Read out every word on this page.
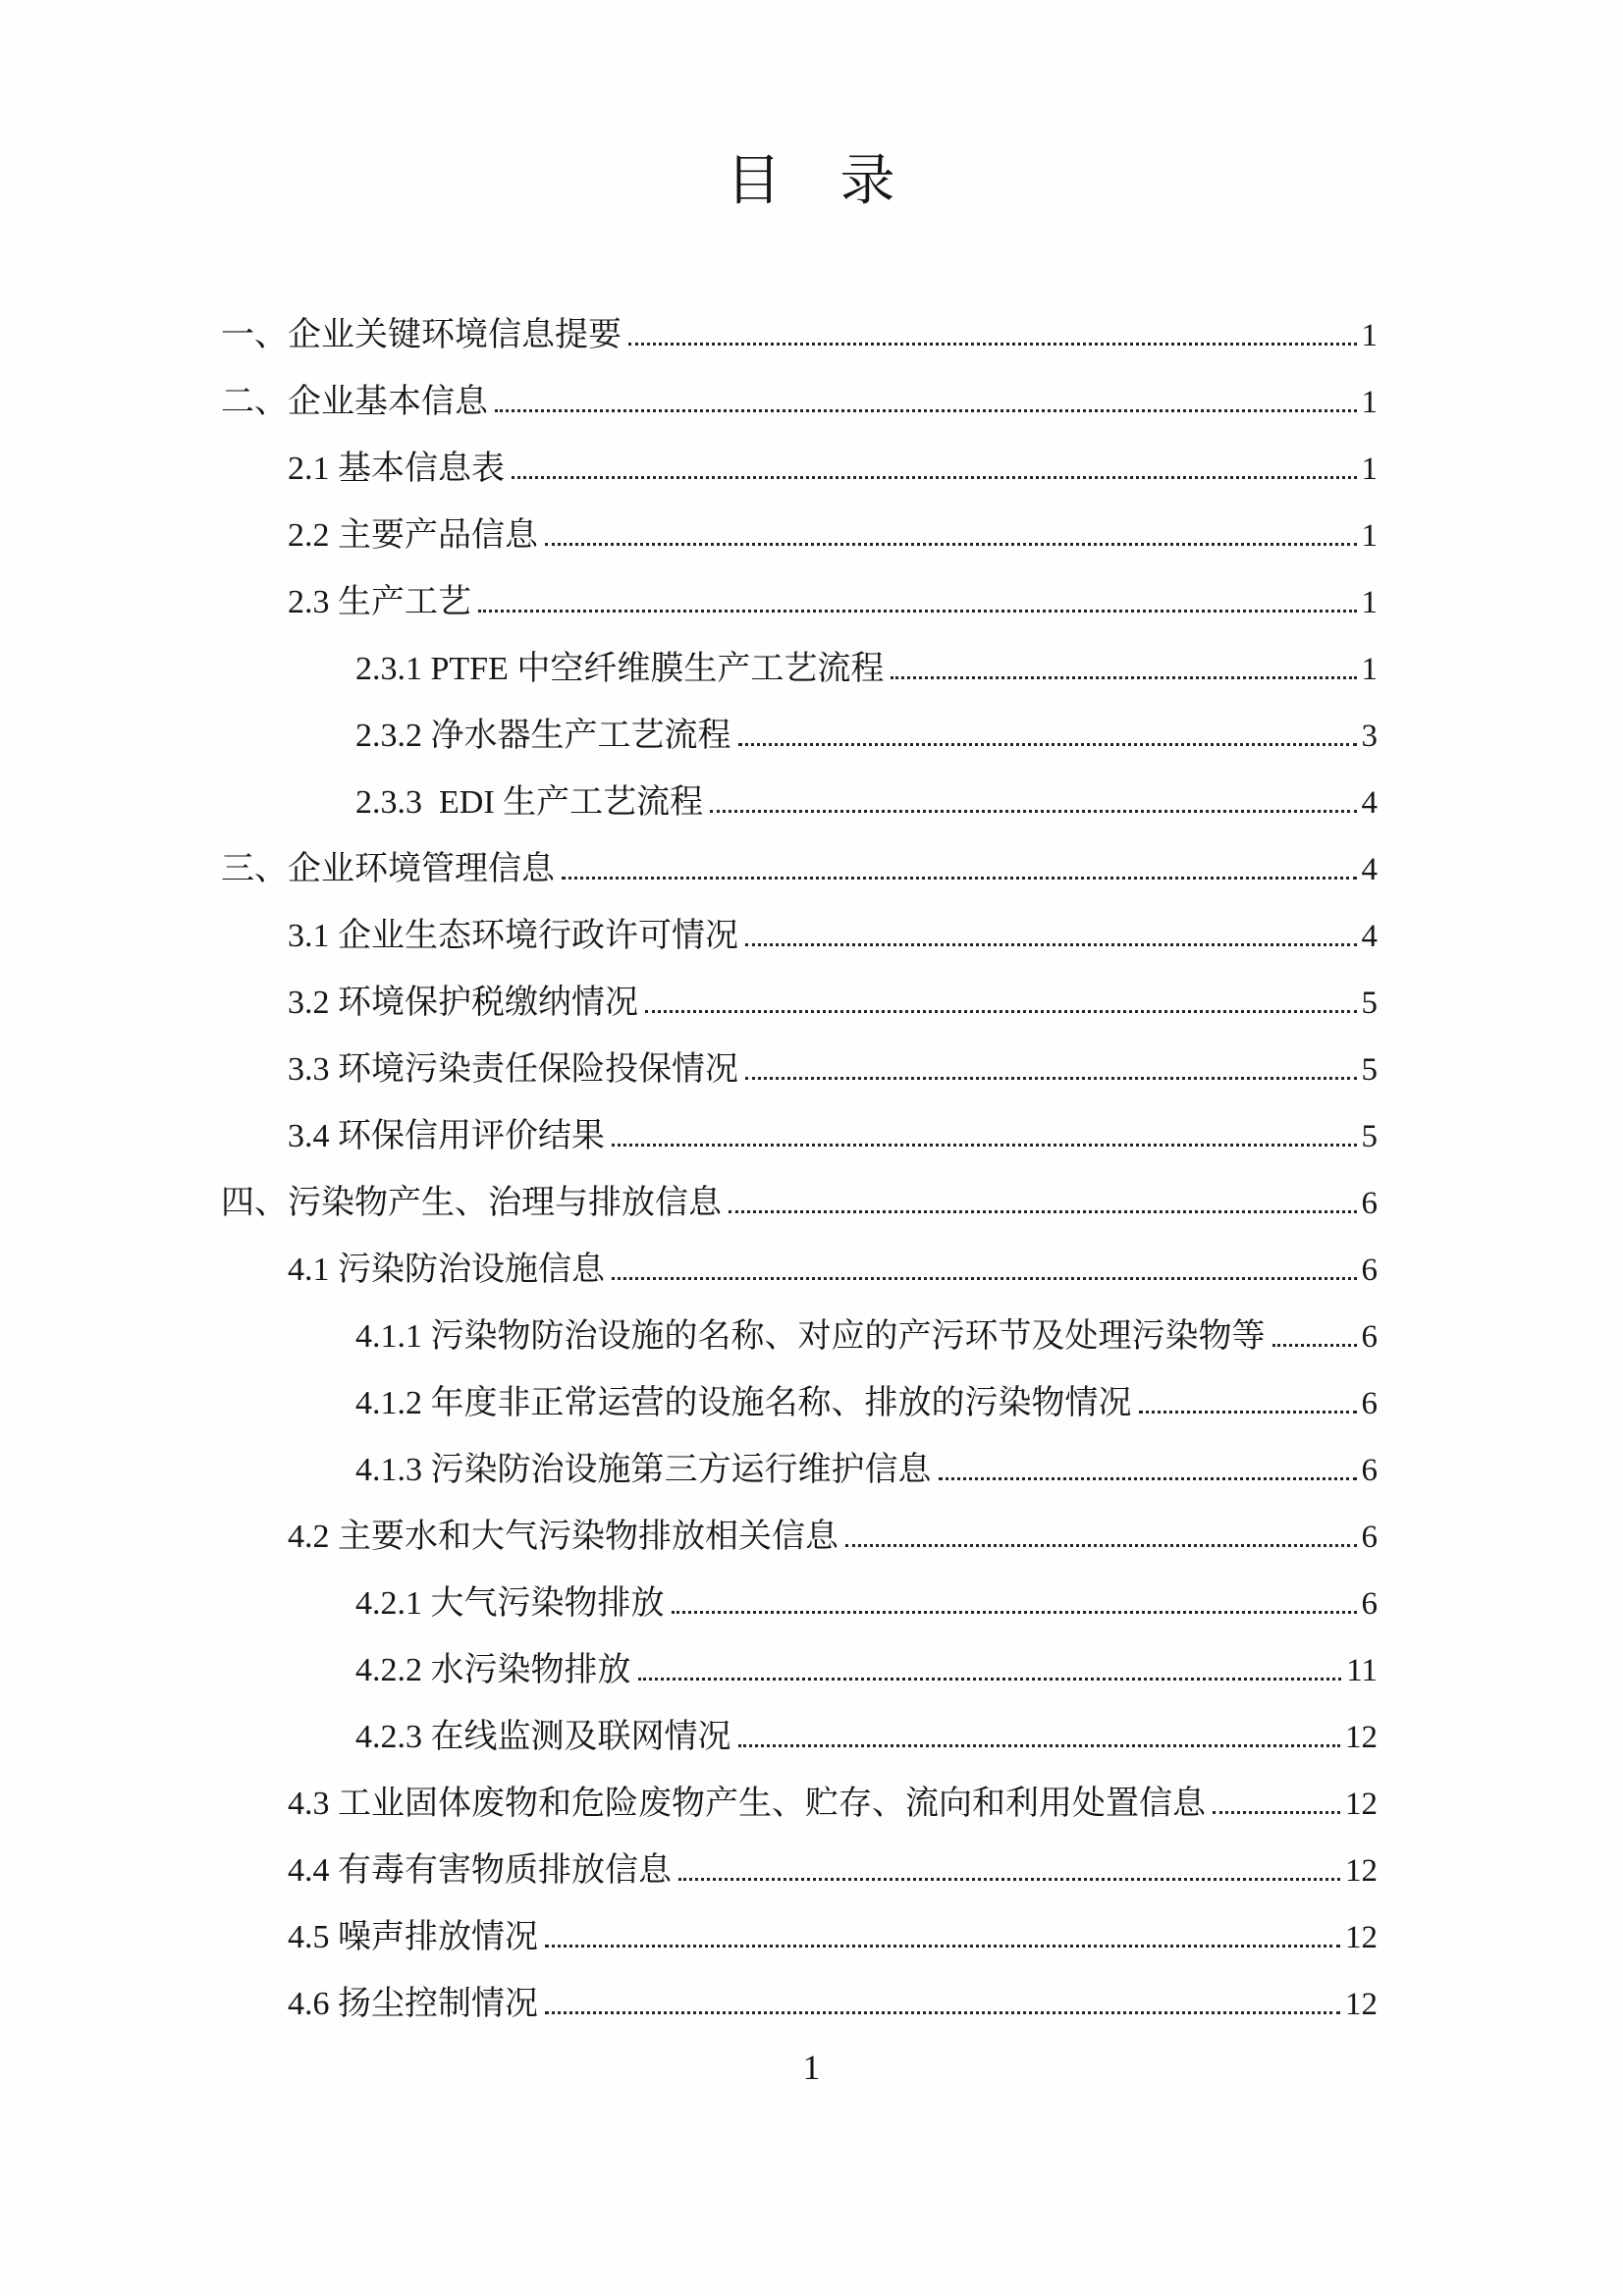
目　录
一、企业关键环境信息提要	1
二、企业基本信息	1
2.1 基本信息表	1
2.2 主要产品信息	1
2.3 生产工艺	1
2.3.1 PTFE 中空纤维膜生产工艺流程	1
2.3.2 净水器生产工艺流程	3
2.3.3  EDI 生产工艺流程	4
三、企业环境管理信息	4
3.1 企业生态环境行政许可情况	4
3.2 环境保护税缴纳情况	5
3.3 环境污染责任保险投保情况	5
3.4 环保信用评价结果	5
四、污染物产生、治理与排放信息	6
4.1 污染防治设施信息	6
4.1.1 污染物防治设施的名称、对应的产污环节及处理污染物等	6
4.1.2 年度非正常运营的设施名称、排放的污染物情况	6
4.1.3 污染防治设施第三方运行维护信息	6
4.2 主要水和大气污染物排放相关信息	6
4.2.1 大气污染物排放	6
4.2.2 水污染物排放	11
4.2.3 在线监测及联网情况	12
4.3 工业固体废物和危险废物产生、贮存、流向和利用处置信息	12
4.4 有毒有害物质排放信息	12
4.5 噪声排放情况	12
4.6 扬尘控制情况	12
1
